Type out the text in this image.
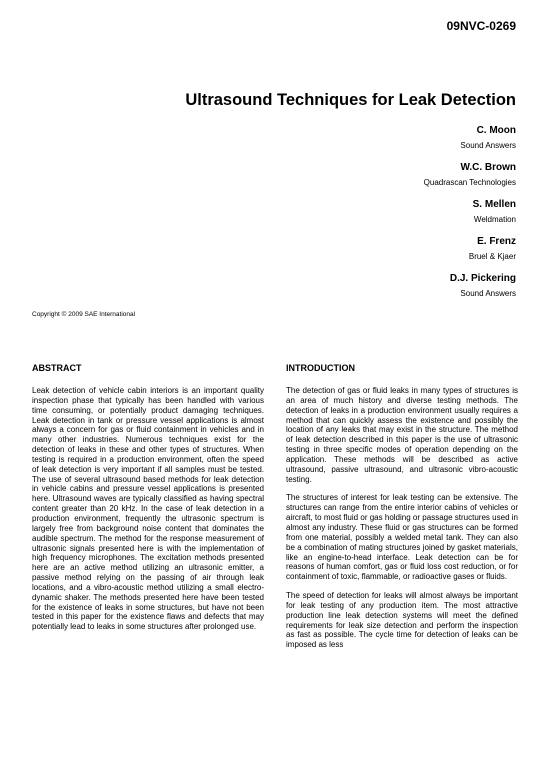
09NVC-0269
Ultrasound Techniques for Leak Detection
C. Moon
Sound Answers
W.C. Brown
Quadrascan Technologies
S. Mellen
Weldmation
E. Frenz
Bruel & Kjaer
D.J. Pickering
Sound Answers
Copyright © 2009 SAE International
ABSTRACT

Leak detection of vehicle cabin interiors is an important quality inspection phase that typically has been handled with various time consuming, or potentially product damaging techniques. Leak detection in tank or pressure vessel applications is almost always a concern for gas or fluid containment in vehicles and in many other industries. Numerous techniques exist for the detection of leaks in these and other types of structures. When testing is required in a production environment, often the speed of leak detection is very important if all samples must be tested. The use of several ultrasound based methods for leak detection in vehicle cabins and pressure vessel applications is presented here. Ultrasound waves are typically classified as having spectral content greater than 20 kHz. In the case of leak detection in a production environment, frequently the ultrasonic spectrum is largely free from background noise content that dominates the audible spectrum. The method for the response measurement of ultrasonic signals presented here is with the implementation of high frequency microphones. The excitation methods presented here are an active method utilizing an ultrasonic emitter, a passive method relying on the passing of air through leak locations, and a vibro-acoustic method utilizing a small electro-dynamic shaker. The methods presented here have been tested for the existence of leaks in some structures, but have not been tested in this paper for the existence flaws and defects that may potentially lead to leaks in some structures after prolonged use.

INTRODUCTION

The detection of gas or fluid leaks in many types of structures is an area of much history and diverse testing methods. The detection of leaks in a production environment usually requires a method that can quickly assess the existence and possibly the location of any leaks that may exist in the structure. The method of leak detection described in this paper is the use of ultrasonic testing in three specific modes of operation depending on the application. These methods will be described as active ultrasound, passive ultrasound, and ultrasonic vibro-acoustic testing.

The structures of interest for leak testing can be extensive. The structures can range from the entire interior cabins of vehicles or aircraft, to most fluid or gas holding or passage structures used in almost any industry. These fluid or gas structures can be formed from one material, possibly a welded metal tank. They can also be a combination of mating structures joined by gasket materials, like an engine-to-head interface. Leak detection can be for reasons of human comfort, gas or fluid loss cost reduction, or for containment of toxic, flammable, or radioactive gases or fluids.

The speed of detection for leaks will almost always be important for leak testing of any production item. The most attractive production line leak detection systems will meet the defined requirements for leak size detection and perform the inspection as fast as possible. The cycle time for detection of leaks can be imposed as less
